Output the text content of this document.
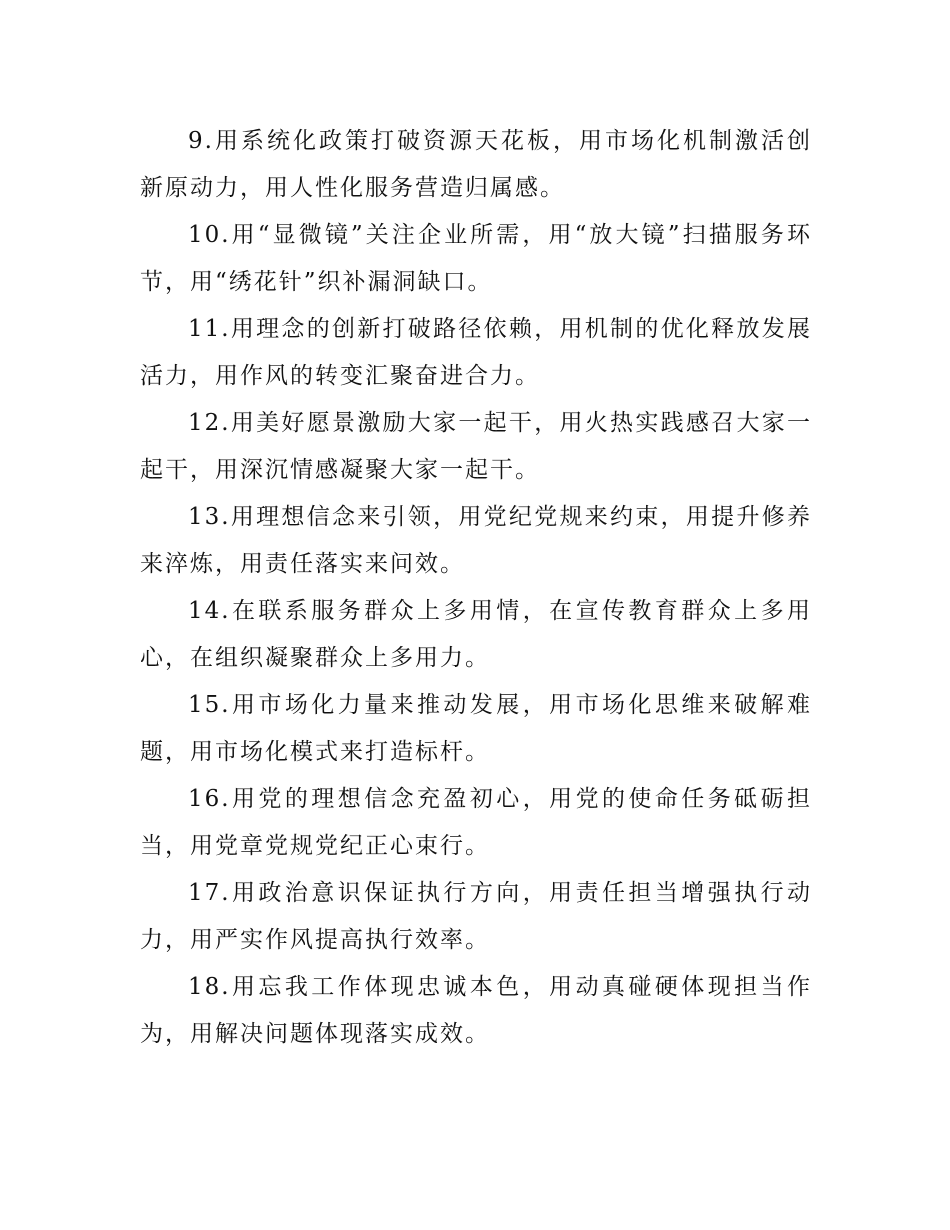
9.用系统化政策打破资源天花板，用市场化机制激活创新原动力，用人性化服务营造归属感。

10.用“显微镜”关注企业所需，用“放大镜”扫描服务环节，用“绣花针”织补漏洞缺口。

11.用理念的创新打破路径依赖，用机制的优化释放发展活力，用作风的转变汇聚奋进合力。

12.用美好愿景激励大家一起干，用火热实践感召大家一起干，用深沉情感凝聚大家一起干。

13.用理想信念来引领，用党纪党规来约束，用提升修养来淬炼，用责任落实来问效。

14.在联系服务群众上多用情，在宣传教育群众上多用心，在组织凝聚群众上多用力。

15.用市场化力量来推动发展，用市场化思维来破解难题，用市场化模式来打造标杆。

16.用党的理想信念充盈初心，用党的使命任务砥砺担当，用党章党规党纪正心束行。

17.用政治意识保证执行方向，用责任担当增强执行动力，用严实作风提高执行效率。

18.用忘我工作体现忠诚本色，用动真碰硬体现担当作为，用解决问题体现落实成效。
